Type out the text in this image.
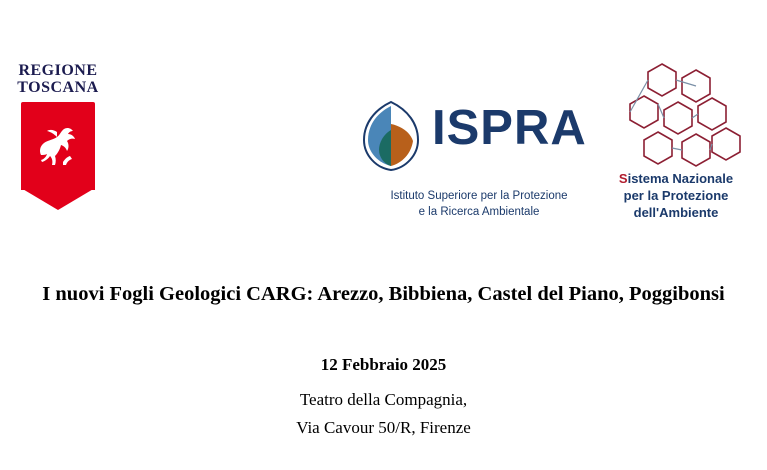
REGIONE
TOSCANA
ISPRA
Istituto Superiore per la Protezione
e la Ricerca Ambientale
Sistema Nazionale
per la Protezione
dell'Ambiente
I nuovi Fogli Geologici CARG: Arezzo, Bibbiena, Castel del Piano, Poggibonsi
12 Febbraio 2025
Teatro della Compagnia,
Via Cavour 50/R, Firenze
